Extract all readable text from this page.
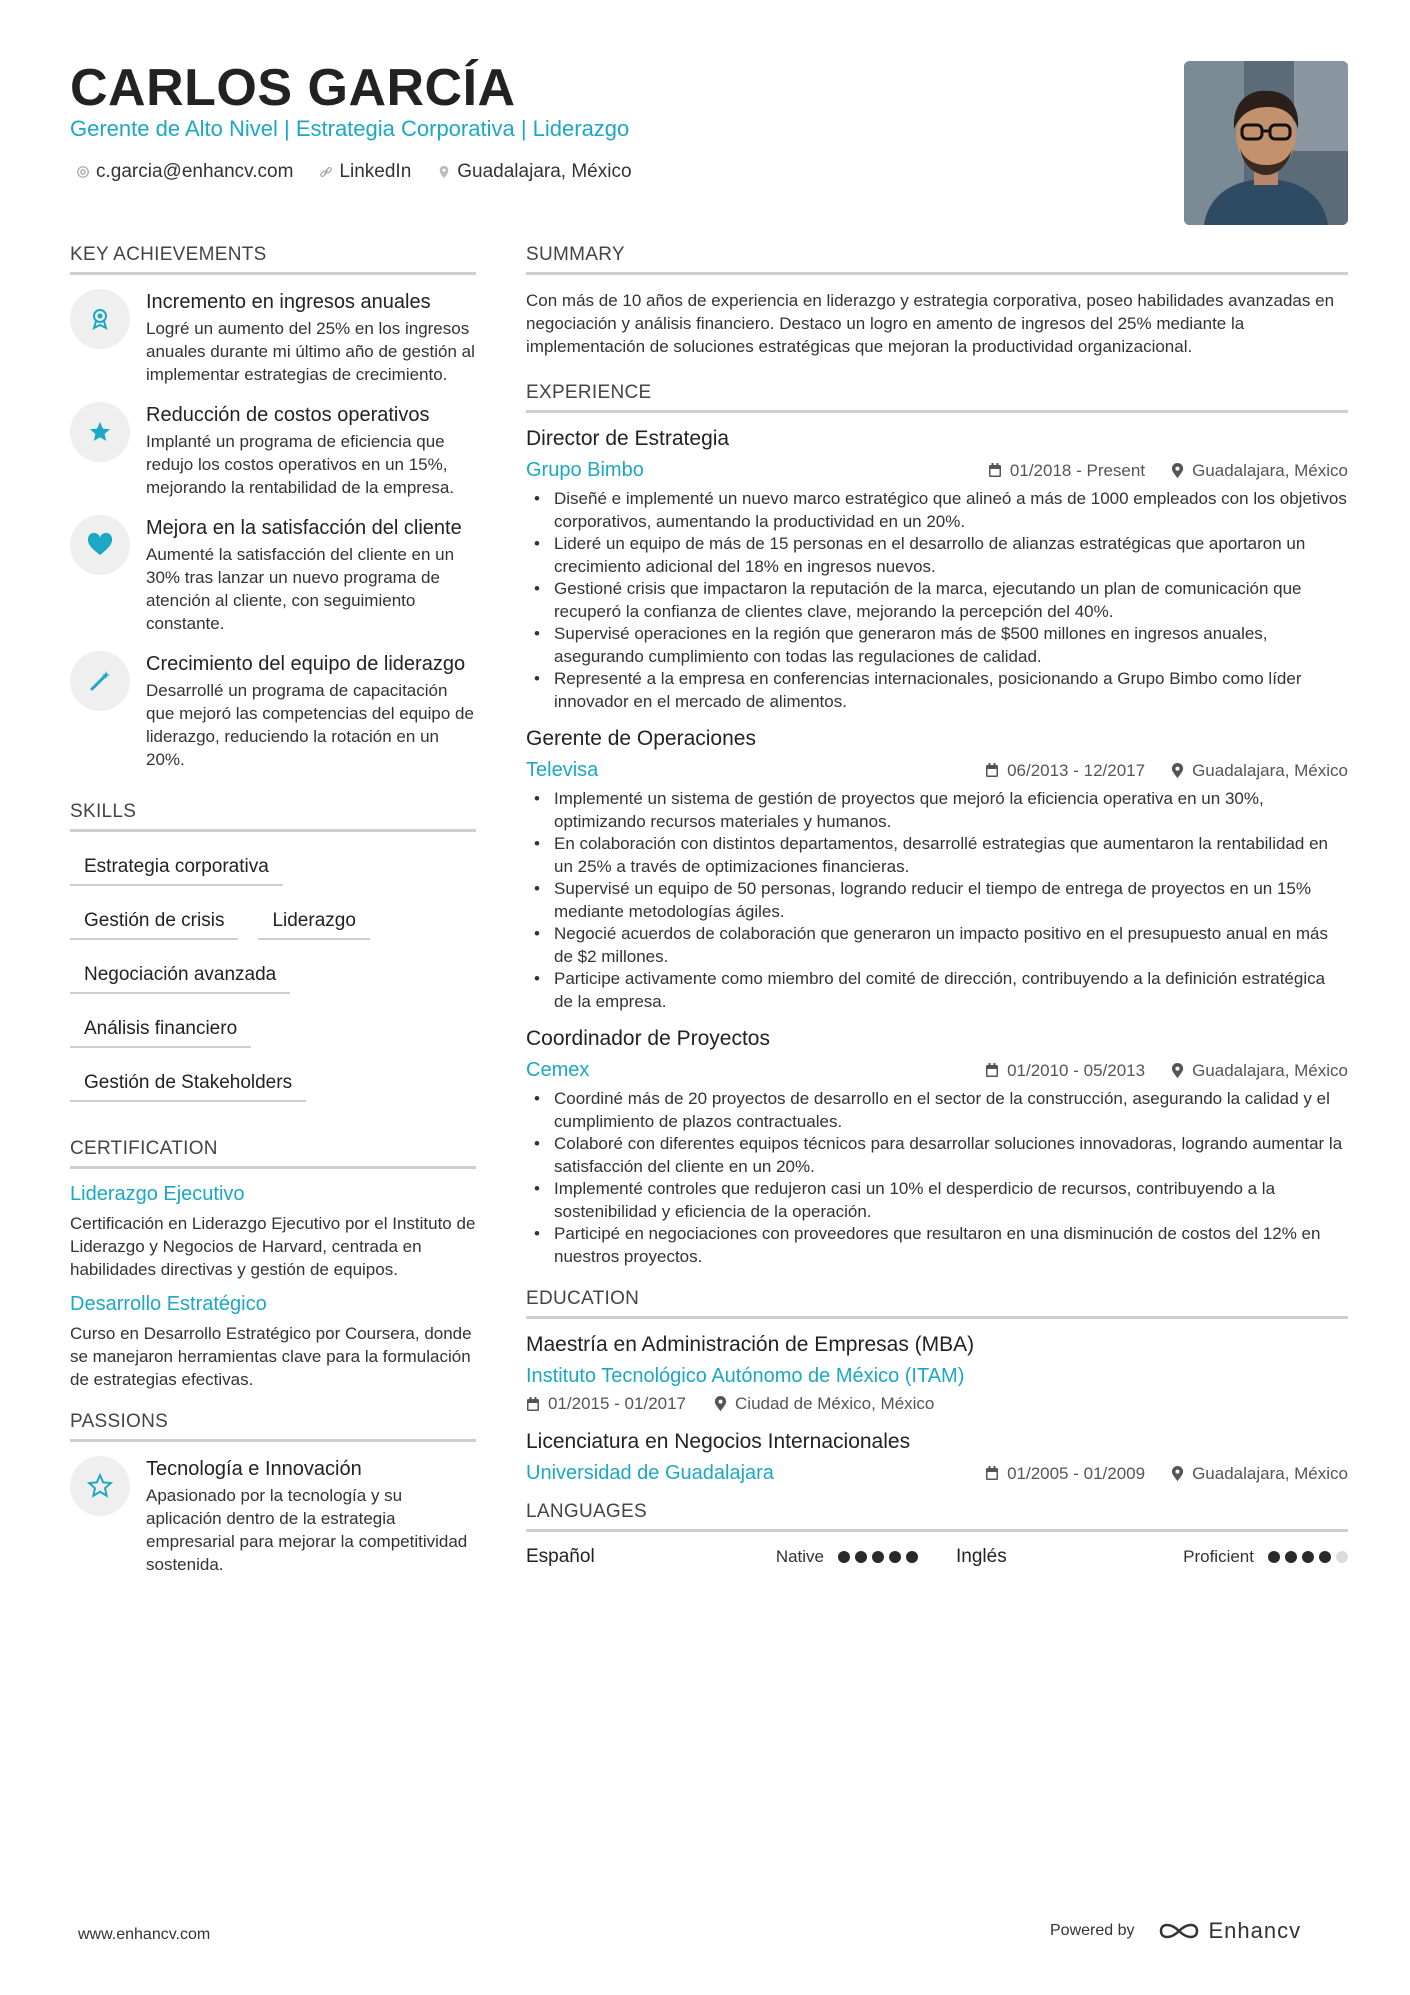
CARLOS GARCÍA
Gerente de Alto Nivel | Estrategia Corporativa | Liderazgo
c.garcia@enhancv.com LinkedIn Guadalajara, México
KEY ACHIEVEMENTS
Incremento en ingresos anuales
Logré un aumento del 25% en los ingresos anuales durante mi último año de gestión al implementar estrategias de crecimiento.
Reducción de costos operativos
Implanté un programa de eficiencia que redujo los costos operativos en un 15%, mejorando la rentabilidad de la empresa.
Mejora en la satisfacción del cliente
Aumenté la satisfacción del cliente en un 30% tras lanzar un nuevo programa de atención al cliente, con seguimiento constante.
Crecimiento del equipo de liderazgo
Desarrollé un programa de capacitación que mejoró las competencias del equipo de liderazgo, reduciendo la rotación en un 20%.
SKILLS
Estrategia corporativa
Gestión de crisis	Liderazgo
Negociación avanzada
Análisis financiero
Gestión de Stakeholders
CERTIFICATION
Liderazgo Ejecutivo
Certificación en Liderazgo Ejecutivo por el Instituto de Liderazgo y Negocios de Harvard, centrada en habilidades directivas y gestión de equipos.
Desarrollo Estratégico
Curso en Desarrollo Estratégico por Coursera, donde se manejaron herramientas clave para la formulación de estrategias efectivas.
PASSIONS
Tecnología e Innovación
Apasionado por la tecnología y su aplicación dentro de la estrategia empresarial para mejorar la competitividad sostenida.
SUMMARY
Con más de 10 años de experiencia en liderazgo y estrategia corporativa, poseo habilidades avanzadas en negociación y análisis financiero. Destaco un logro en amento de ingresos del 25% mediante la implementación de soluciones estratégicas que mejoran la productividad organizacional.
EXPERIENCE
Director de Estrategia
Grupo Bimbo	01/2018 - Present	Guadalajara, México
• Diseñé e implementé un nuevo marco estratégico que alineó a más de 1000 empleados con los objetivos corporativos, aumentando la productividad en un 20%.
• Lideré un equipo de más de 15 personas en el desarrollo de alianzas estratégicas que aportaron un crecimiento adicional del 18% en ingresos nuevos.
• Gestioné crisis que impactaron la reputación de la marca, ejecutando un plan de comunicación que recuperó la confianza de clientes clave, mejorando la percepción del 40%.
• Supervisé operaciones en la región que generaron más de $500 millones en ingresos anuales, asegurando cumplimiento con todas las regulaciones de calidad.
• Representé a la empresa en conferencias internacionales, posicionando a Grupo Bimbo como líder innovador en el mercado de alimentos.
Gerente de Operaciones
Televisa	06/2013 - 12/2017	Guadalajara, México
• Implementé un sistema de gestión de proyectos que mejoró la eficiencia operativa en un 30%, optimizando recursos materiales y humanos.
• En colaboración con distintos departamentos, desarrollé estrategias que aumentaron la rentabilidad en un 25% a través de optimizaciones financieras.
• Supervisé un equipo de 50 personas, logrando reducir el tiempo de entrega de proyectos en un 15% mediante metodologías ágiles.
• Negocié acuerdos de colaboración que generaron un impacto positivo en el presupuesto anual en más de $2 millones.
• Participe activamente como miembro del comité de dirección, contribuyendo a la definición estratégica de la empresa.
Coordinador de Proyectos
Cemex	01/2010 - 05/2013	Guadalajara, México
• Coordiné más de 20 proyectos de desarrollo en el sector de la construcción, asegurando la calidad y el cumplimiento de plazos contractuales.
• Colaboré con diferentes equipos técnicos para desarrollar soluciones innovadoras, logrando aumentar la satisfacción del cliente en un 20%.
• Implementé controles que redujeron casi un 10% el desperdicio de recursos, contribuyendo a la sostenibilidad y eficiencia de la operación.
• Participé en negociaciones con proveedores que resultaron en una disminución de costos del 12% en nuestros proyectos.
EDUCATION
Maestría en Administración de Empresas (MBA)
Instituto Tecnológico Autónomo de México (ITAM)
01/2015 - 01/2017	Ciudad de México, México
Licenciatura en Negocios Internacionales
Universidad de Guadalajara	01/2005 - 01/2009	Guadalajara, México
LANGUAGES
Español	Native	Inglés	Proficient
www.enhancv.com	Powered by	Enhancv
